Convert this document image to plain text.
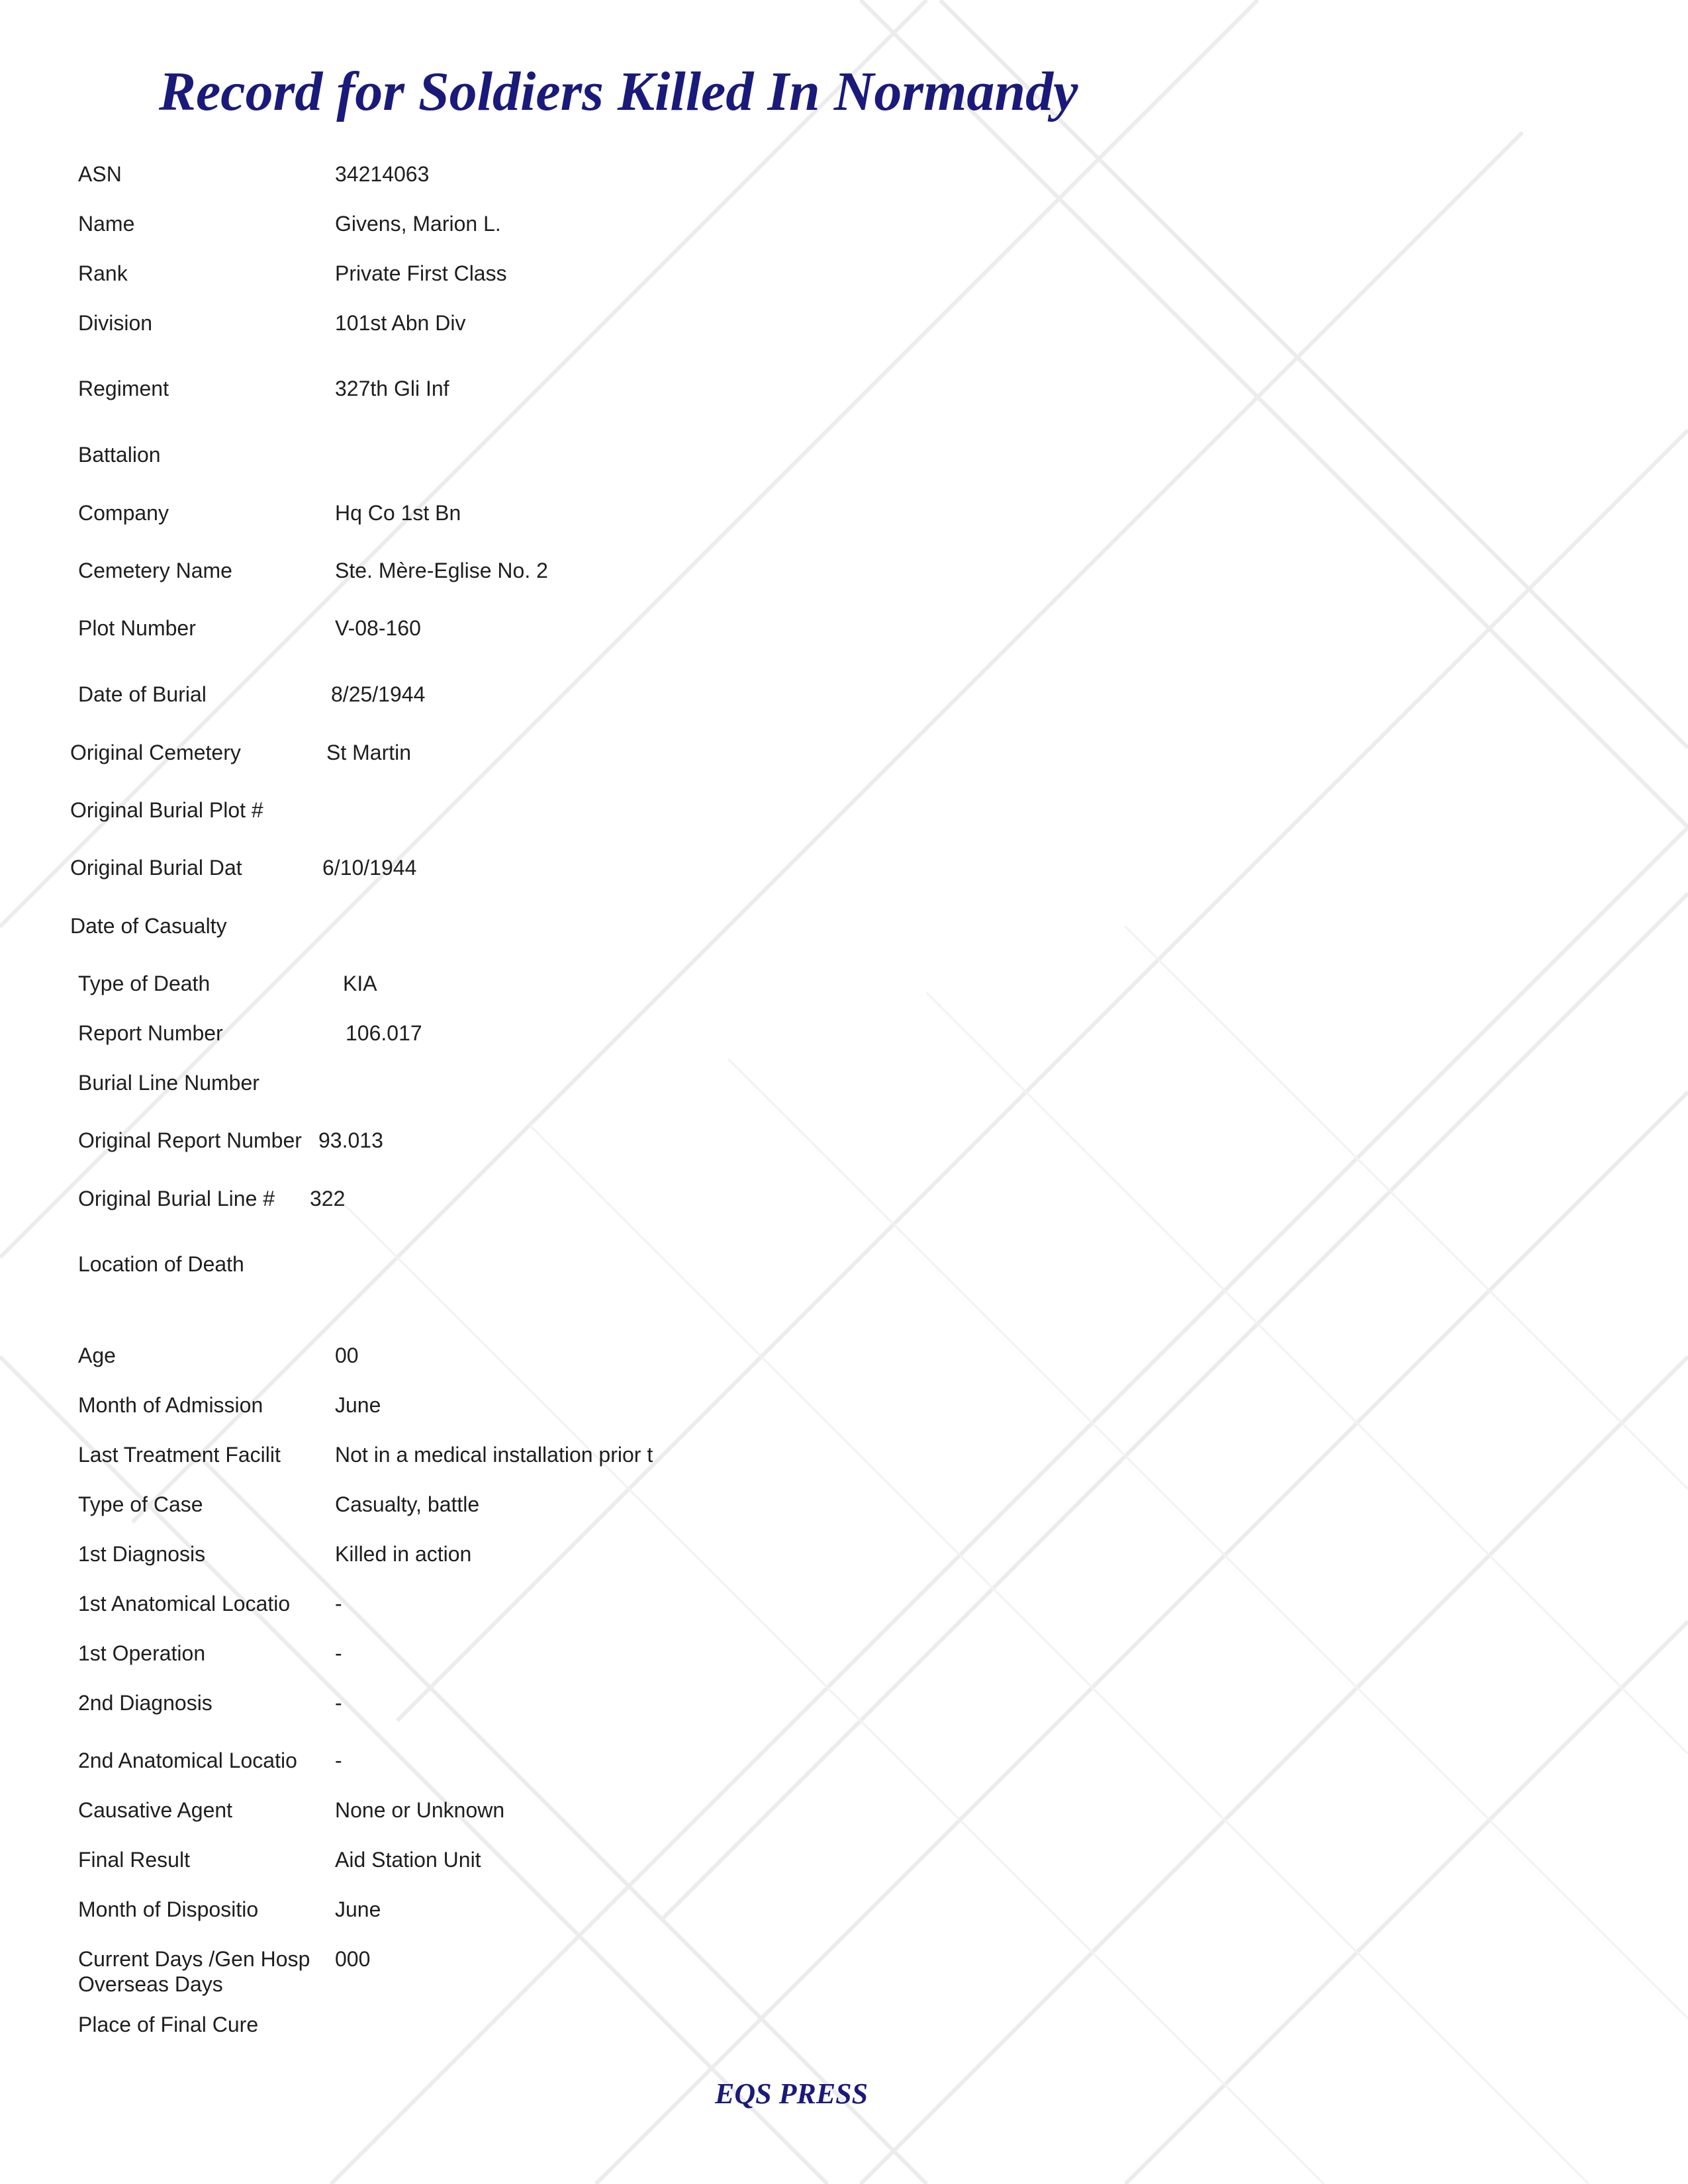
Record for Soldiers Killed In Normandy
ASN	34214063
Name	Givens, Marion L.
Rank	Private First Class
Division	101st Abn Div
Regiment	327th Gli Inf
Battalion
Company	Hq Co 1st Bn
Cemetery Name	Ste. Mère-Eglise No. 2
Plot Number	V-08-160
Date of Burial	8/25/1944
Original Cemetery	St Martin
Original Burial Plot #
Original Burial Dat	6/10/1944
Date of Casualty
Type of Death	KIA
Report Number	106.017
Burial Line Number
Original Report Number 93.013
Original Burial Line # 322
Location of Death
Age	00
Month of Admission	June
Last Treatment Facilit	Not in a medical installation prior t
Type of Case	Casualty, battle
1st Diagnosis	Killed in action
1st Anatomical Locatio -
1st Operation	-
2nd Diagnosis	-
2nd Anatomical Locatio -
Causative Agent	None or Unknown
Final Result	Aid Station Unit
Month of Dispositio	June
Current Days /Gen Hosp 000
Overseas Days
Place of Final Cure
EQS PRESS
